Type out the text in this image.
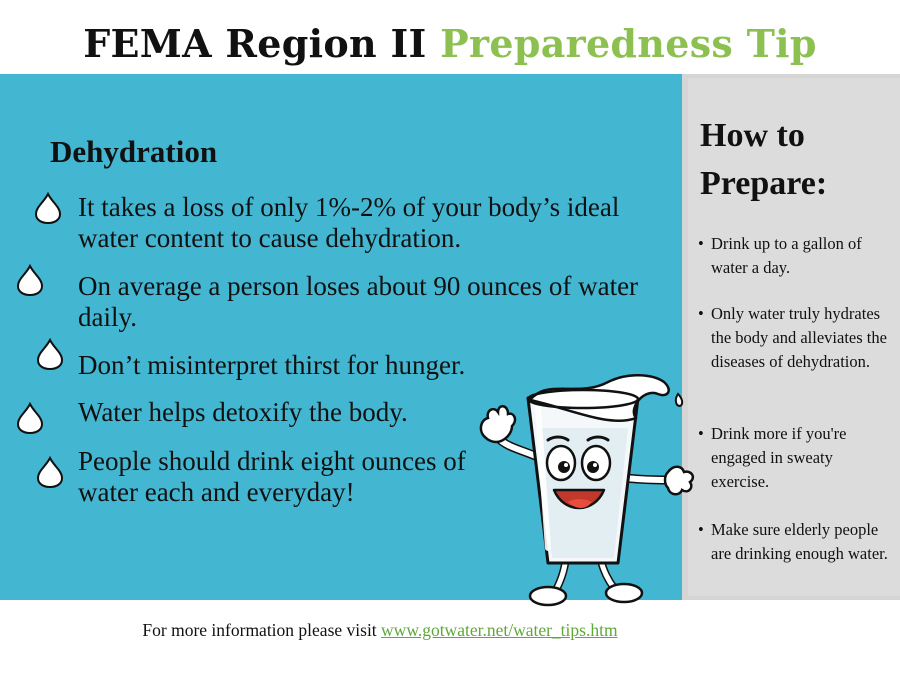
FEMA Region II Preparedness Tip
Dehydration
It takes a loss of only 1%-2% of your body’s ideal water content to cause dehydration.
On average a person loses about 90 ounces of water daily.
Don’t misinterpret thirst for hunger.
Water helps detoxify the body.
People should drink eight ounces of water each and everyday!
How to
Prepare:
• Drink up to a gallon of water a day.
• Only water truly hydrates the body and alleviates the diseases of dehydration.
• Drink more if you're engaged in sweaty exercise.
• Make sure elderly people are drinking enough water.
For more information please visit www.gotwater.net/water_tips.htm
